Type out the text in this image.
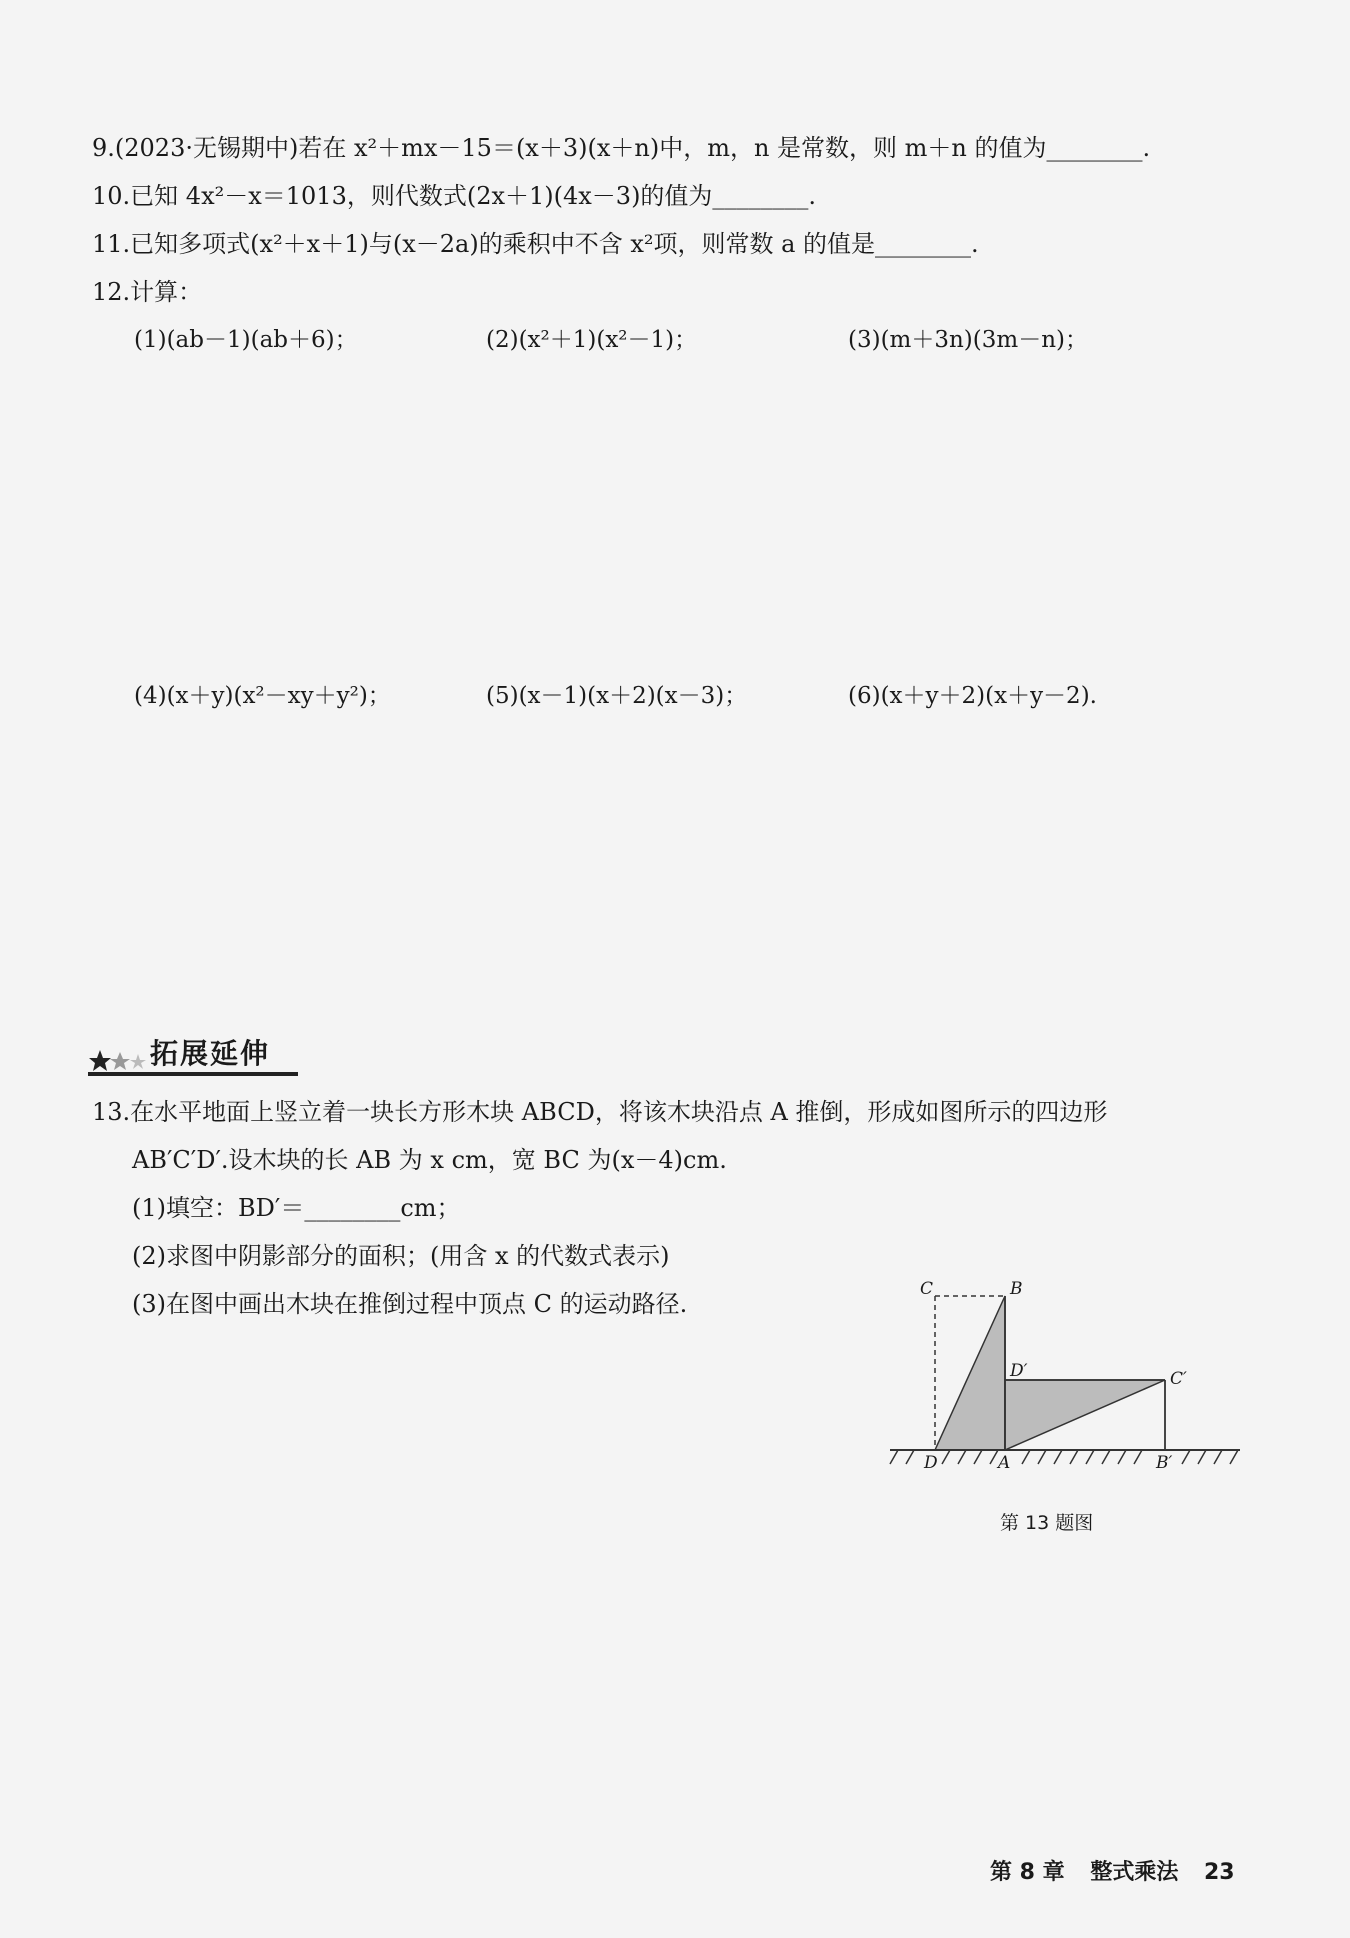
9.(2023·无锡期中)若在 x²＋mx－15＝(x＋3)(x＋n)中，m，n 是常数，则 m＋n 的值为________.
10.已知 4x²－x＝1013，则代数式(2x＋1)(4x－3)的值为________.
11.已知多项式(x²＋x＋1)与(x－2a)的乘积中不含 x²项，则常数 a 的值是________.
12.计算：
(1)(ab－1)(ab＋6)；	(2)(x²＋1)(x²－1)；	(3)(m＋3n)(3m－n)；
(4)(x＋y)(x²－xy＋y²)；	(5)(x－1)(x＋2)(x－3)；	(6)(x＋y＋2)(x＋y－2).
拓展延伸
13.在水平地面上竖立着一块长方形木块 ABCD，将该木块沿点 A 推倒，形成如图所示的四边形
AB′C′D′.设木块的长 AB 为 x cm，宽 BC 为(x－4)cm.
(1)填空：BD′＝________cm；
(2)求图中阴影部分的面积；(用含 x 的代数式表示)
(3)在图中画出木块在推倒过程中顶点 C 的运动路径.
C	B
D′	C′
D	A	B′
第 13 题图
第 8 章 整式乘法 23
